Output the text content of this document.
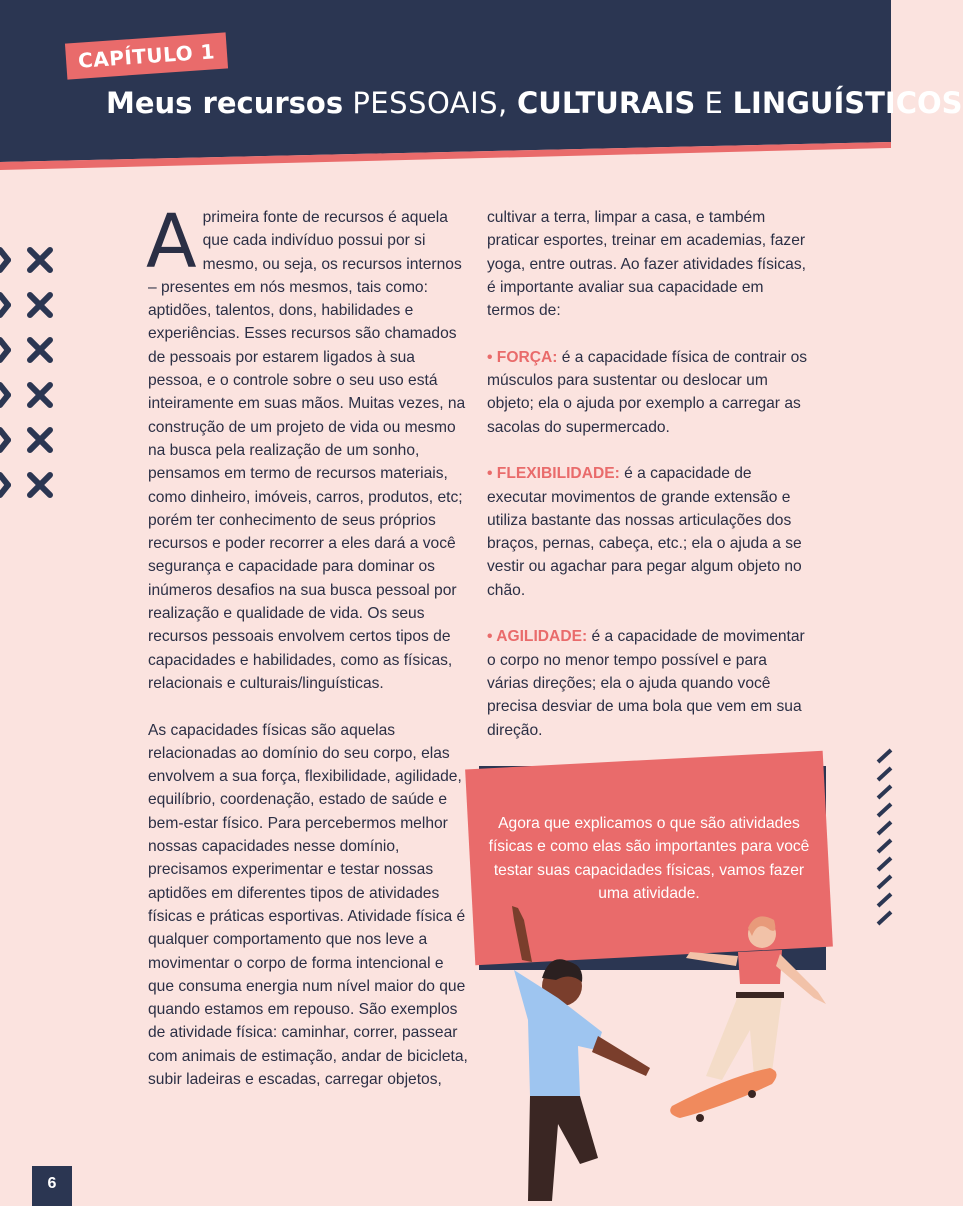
CAPÍTULO 1
Meus recursos PESSOAIS, CULTURAIS E LINGUÍSTICOS

Aprimeira fonte de recursos é aquela que cada indivíduo possui por si mesmo, ou seja, os recursos internos – presentes em nós mesmos, tais como: aptidões, talentos, dons, habilidades e experiências. Esses recursos são chamados de pessoais por estarem ligados à sua pessoa, e o controle sobre o seu uso está inteiramente em suas mãos. Muitas vezes, na construção de um projeto de vida ou mesmo na busca pela realização de um sonho, pensamos em termo de recursos materiais, como dinheiro, imóveis, carros, produtos, etc; porém ter conhecimento de seus próprios recursos e poder recorrer a eles dará a você segurança e capacidade para dominar os inúmeros desafios na sua busca pessoal por realização e qualidade de vida. Os seus recursos pessoais envolvem certos tipos de capacidades e habilidades, como as físicas, relacionais e culturais/linguísticas.

As capacidades físicas são aquelas relacionadas ao domínio do seu corpo, elas envolvem a sua força, flexibilidade, agilidade, equilíbrio, coordenação, estado de saúde e bem-estar físico. Para percebermos melhor nossas capacidades nesse domínio, precisamos experimentar e testar nossas aptidões em diferentes tipos de atividades físicas e práticas esportivas. Atividade física é qualquer comportamento que nos leve a movimentar o corpo de forma intencional e que consuma energia num nível maior do que quando estamos em repouso. São exemplos de atividade física: caminhar, correr, passear com animais de estimação, andar de bicicleta, subir ladeiras e escadas, carregar objetos,

cultivar a terra, limpar a casa, e também praticar esportes, treinar em academias, fazer yoga, entre outras. Ao fazer atividades físicas, é importante avaliar sua capacidade em termos de:

• FORÇA: é a capacidade física de contrair os músculos para sustentar ou deslocar um objeto; ela o ajuda por exemplo a carregar as sacolas do supermercado.

• FLEXIBILIDADE: é a capacidade de executar movimentos de grande extensão e utiliza bastante das nossas articulações dos braços, pernas, cabeça, etc.; ela o ajuda a se vestir ou agachar para pegar algum objeto no chão.

• AGILIDADE: é a capacidade de movimentar o corpo no menor tempo possível e para várias direções; ela o ajuda quando você precisa desviar de uma bola que vem em sua direção.

Agora que explicamos o que são atividades físicas e como elas são importantes para você testar suas capacidades físicas, vamos fazer uma atividade.
6
